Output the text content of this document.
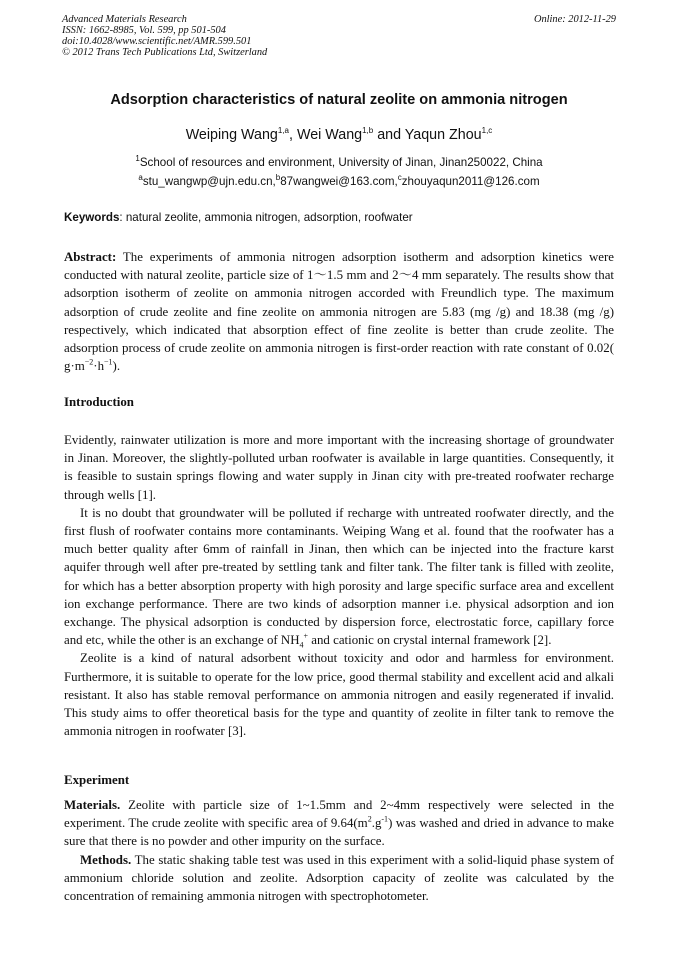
Advanced Materials Research
ISSN: 1662-8985, Vol. 599, pp 501-504
doi:10.4028/www.scientific.net/AMR.599.501
© 2012 Trans Tech Publications Ltd, Switzerland
Online: 2012-11-29
Adsorption characteristics of natural zeolite on ammonia nitrogen
Weiping Wang$^{1,a}$, Wei Wang$^{1,b}$ and Yaqun Zhou$^{1,c}$
$^1$School of resources and environment, University of Jinan, Jinan250022, China
$^a$stu_wangwp@ujn.edu.cn,$^b$87wangwei@163.com,$^c$zhouyaqun2011@126.com
Keywords: natural zeolite, ammonia nitrogen, adsorption, roofwater

Abstract: The experiments of ammonia nitrogen adsorption isotherm and adsorption kinetics were conducted with natural zeolite, particle size of 1～1.5 mm and 2～4 mm separately. The results show that adsorption isotherm of zeolite on ammonia nitrogen accorded with Freundlich type. The maximum adsorption of crude zeolite and fine zeolite on ammonia nitrogen are 5.83 (mg /g) and 18.38 (mg /g) respectively, which indicated that absorption effect of fine zeolite is better than crude zeolite. The adsorption process of crude zeolite on ammonia nitrogen is first-order reaction with rate constant of 0.02( $g\cdot m^{-2}\cdot h^{-1}$).

Introduction

Evidently, rainwater utilization is more and more important with the increasing shortage of groundwater in Jinan. Moreover, the slightly-polluted urban roofwater is available in large quantities. Consequently, it is feasible to sustain springs flowing and water supply in Jinan city with pre-treated roofwater recharge through wells [1].

It is no doubt that groundwater will be polluted if recharge with untreated roofwater directly, and the first flush of roofwater contains more contaminants. Weiping Wang et al. found that the roofwater has a much better quality after 6mm of rainfall in Jinan, then which can be injected into the fracture karst aquifer through well after pre-treated by settling tank and filter tank. The filter tank is filled with zeolite, for which has a better absorption property with high porosity and large specific surface area and excellent ion exchange performance. There are two kinds of adsorption manner i.e. physical adsorption and ion exchange. The physical adsorption is conducted by dispersion force, electrostatic force, capillary force and etc, while the other is an exchange of $NH_4^+$ and cationic on crystal internal framework [2].

Zeolite is a kind of natural adsorbent without toxicity and odor and harmless for environment. Furthermore, it is suitable to operate for the low price, good thermal stability and excellent acid and alkali resistant. It also has stable removal performance on ammonia nitrogen and easily regenerated if invalid. This study aims to offer theoretical basis for the type and quantity of zeolite in filter tank to remove the ammonia nitrogen in roofwater [3].

Experiment

Materials. Zeolite with particle size of 1~1.5mm and 2~4mm respectively were selected in the experiment. The crude zeolite with specific area of $9.64(m^2.g^{-1})$ was washed and dried in advance to make sure that there is no powder and other impurity on the surface.

Methods. The static shaking table test was used in this experiment with a solid-liquid phase system of ammonium chloride solution and zeolite. Adsorption capacity of zeolite was calculated by the concentration of remaining ammonia nitrogen with spectrophotometer.
